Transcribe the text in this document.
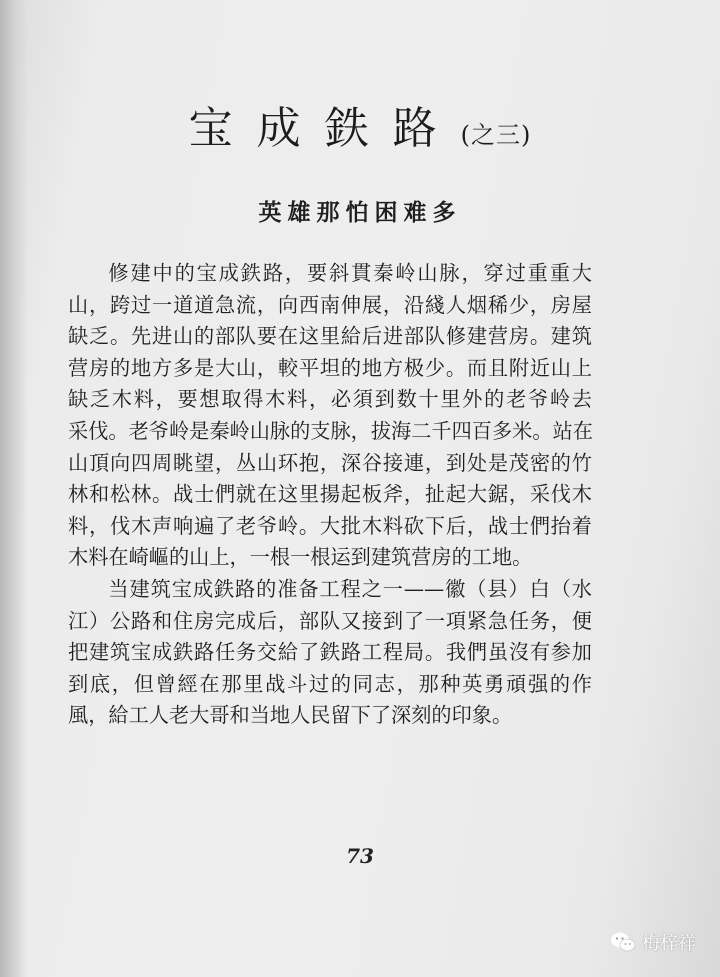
宝成鉄路(之三)
英雄那怕困难多

修建中的宝成鉄路，要斜貫秦岭山脉，穿过重重大
山，跨过一道道急流，向西南伸展，沿綫人烟稀少，房屋
缺乏。先进山的部队要在这里給后进部队修建营房。建筑
营房的地方多是大山，較平坦的地方极少。而且附近山上
缺乏木料，要想取得木料，必須到数十里外的老爷岭去
采伐。老爷岭是秦岭山脉的支脉，拔海二千四百多米。站在
山頂向四周眺望，丛山环抱，深谷接連，到处是茂密的竹
林和松林。战士們就在这里揚起板斧，扯起大鋸，采伐木
料，伐木声响遍了老爷岭。大批木料砍下后，战士們抬着
木料在崎嶇的山上，一根一根运到建筑营房的工地。

当建筑宝成鉄路的准备工程之一——徽（县）白（水
江）公路和住房完成后，部队又接到了一項紧急任务，便
把建筑宝成鉄路任务交給了鉄路工程局。我們虽沒有参加
到底，但曾經在那里战斗过的同志，那种英勇頑强的作
風，給工人老大哥和当地人民留下了深刻的印象。

73
梅梓祥
